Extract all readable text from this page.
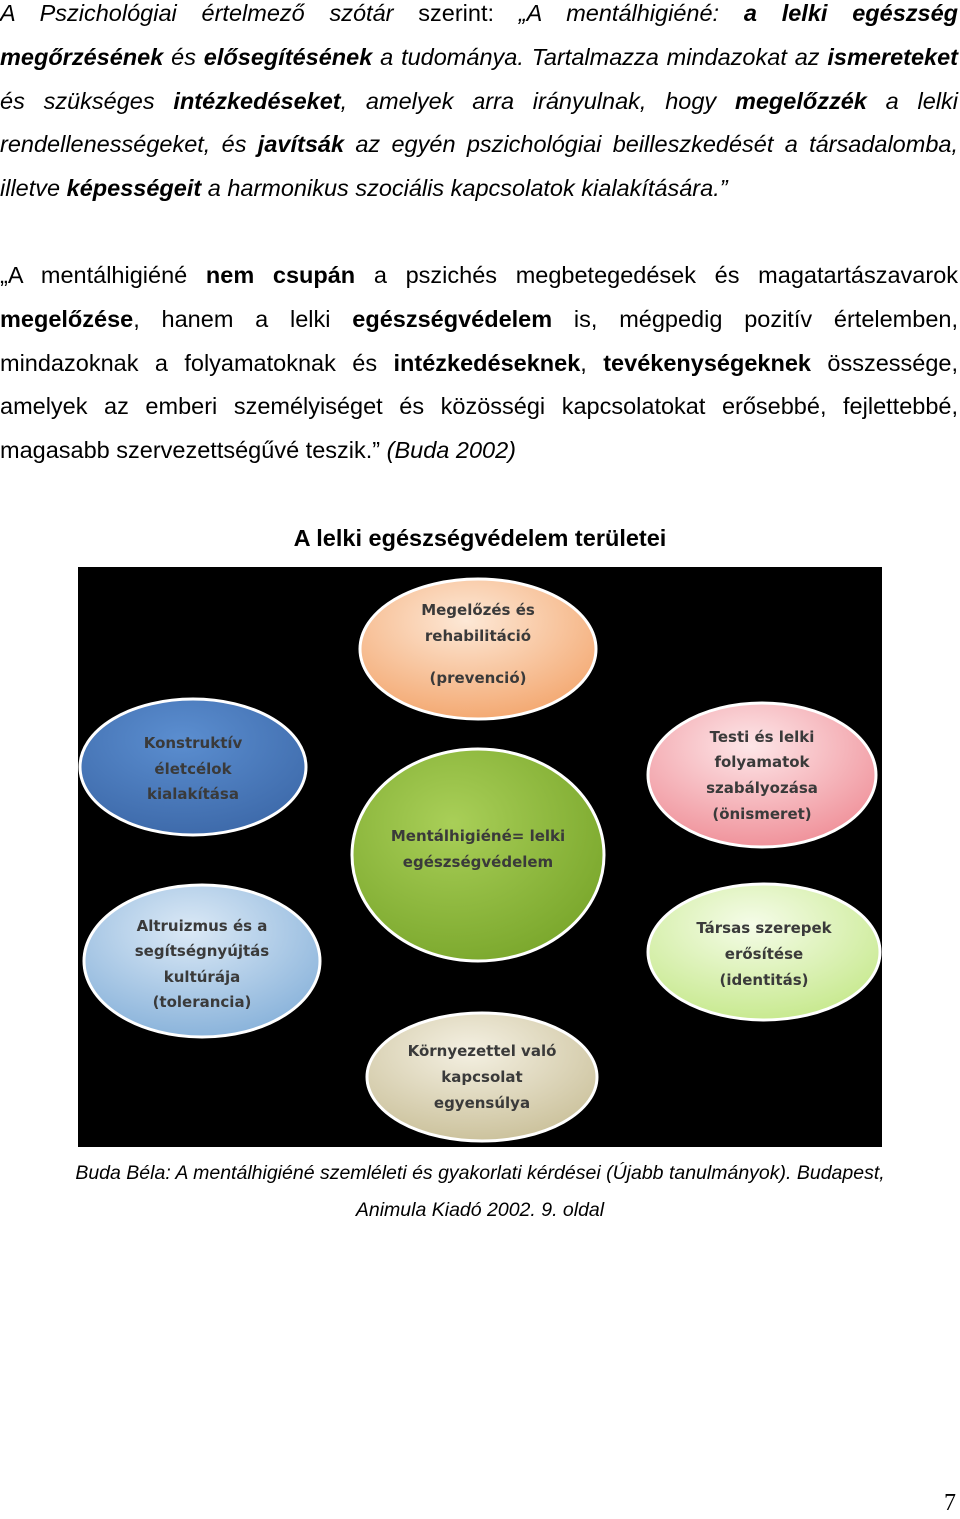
A Pszichológiai értelmező szótár szerint: „A mentálhigiéné: a lelki egészség megőrzésének és elősegítésének a tudománya. Tartalmazza mindazokat az ismereteket és szükséges intézkedéseket, amelyek arra irányulnak, hogy megelőzzék a lelki rendellenességeket, és javítsák az egyén pszichológiai beilleszkedését a társadalomba, illetve képességeit a harmonikus szociális kapcsolatok kialakítására.”
„A mentálhigiéné nem csupán a pszichés megbetegedések és magatartászavarok megelőzése, hanem a lelki egészségvédelem is, mégpedig pozitív értelemben, mindazoknak a folyamatoknak és intézkedéseknek, tevékenységeknek összessége, amelyek az emberi személyiséget és közösségi kapcsolatokat erősebbé, fejlettebbé, magasabb szervezettségűvé teszik.” (Buda 2002)
A lelki egészségvédelem területei
Megelőzés és
rehabilitáció
(prevenció)
Konstruktív
életcélok
kialakítása
Testi és lelki
folyamatok
szabályozása
(önismeret)
Mentálhigiéné= lelki
egészségvédelem
Altruizmus és a
segítségnyújtás
kultúrája
(tolerancia)
Társas szerepek
erősítése
(identitás)
Környezettel való
kapcsolat
egyensúlya
Buda Béla: A mentálhigiéné szemléleti és gyakorlati kérdései (Újabb tanulmányok). Budapest,
Animula Kiadó 2002. 9. oldal
7
